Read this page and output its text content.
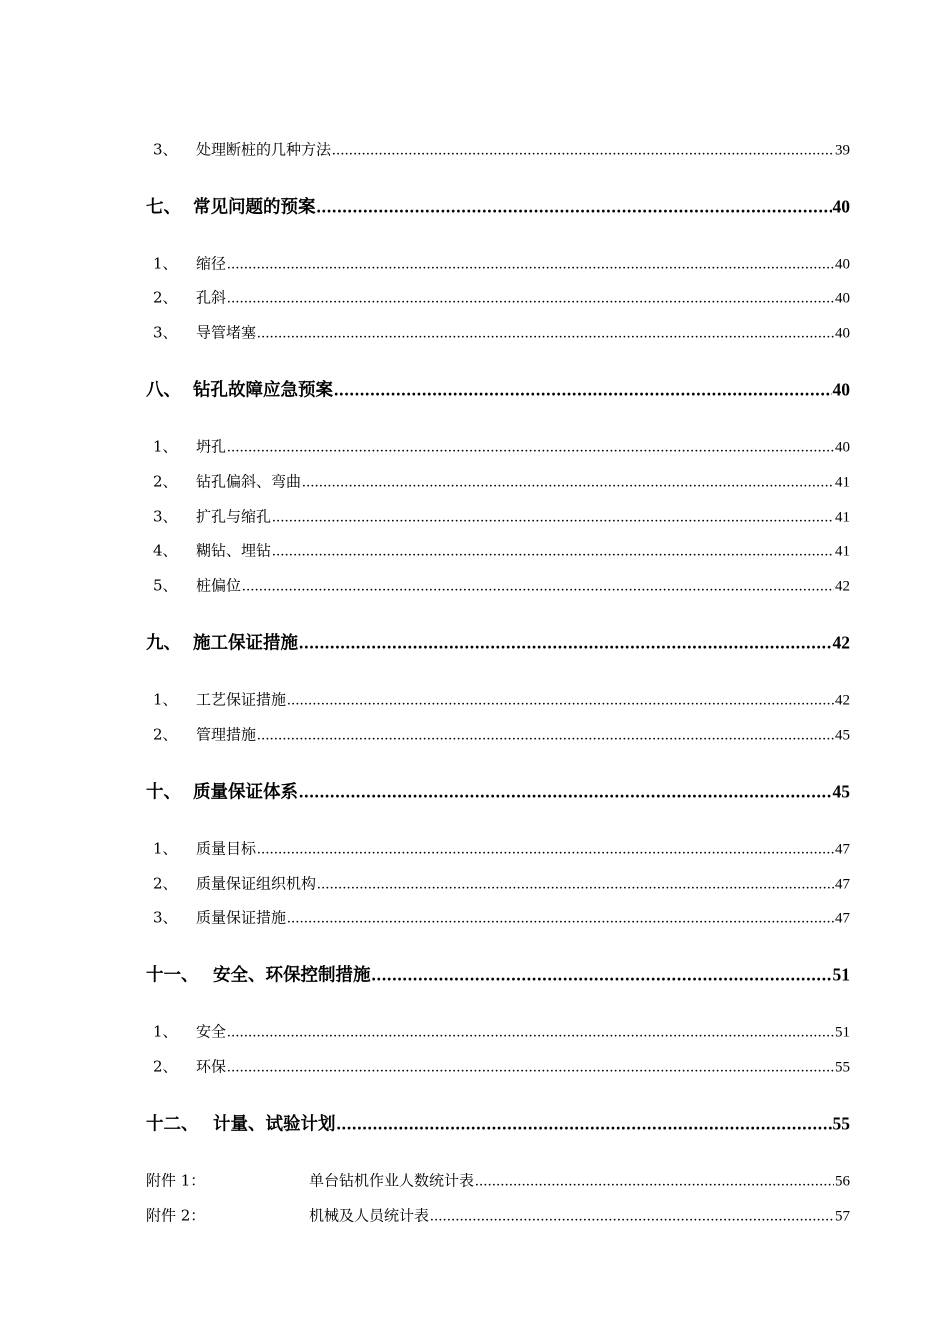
3、	处理断桩的几种方法 .....	39
七、 常见问题的预案 .....	40
1、	缩径 .....	40
2、	孔斜 .....	40
3、	导管堵塞 .....	40
八、 钻孔故障应急预案 .....	40
1、	坍孔 .....	40
2、	钻孔偏斜、弯曲 .....	41
3、	扩孔与缩孔 .....	41
4、	糊钻、埋钻 .....	41
5、	桩偏位 .....	42
九、 施工保证措施 .....	42
1、	工艺保证措施 .....	42
2、	管理措施 .....	45
十、 质量保证体系 .....	45
1、	质量目标 .....	47
2、	质量保证组织机构 .....	47
3、	质量保证措施 .....	47
十一、 安全、环保控制措施 .....	51
1、	安全 .....	51
2、	环保 .....	55
十二、 计量、试验计划 .....	55
附件 1：	单台钻机作业人数统计表 .....	56
附件 2：	机械及人员统计表 .....	57
